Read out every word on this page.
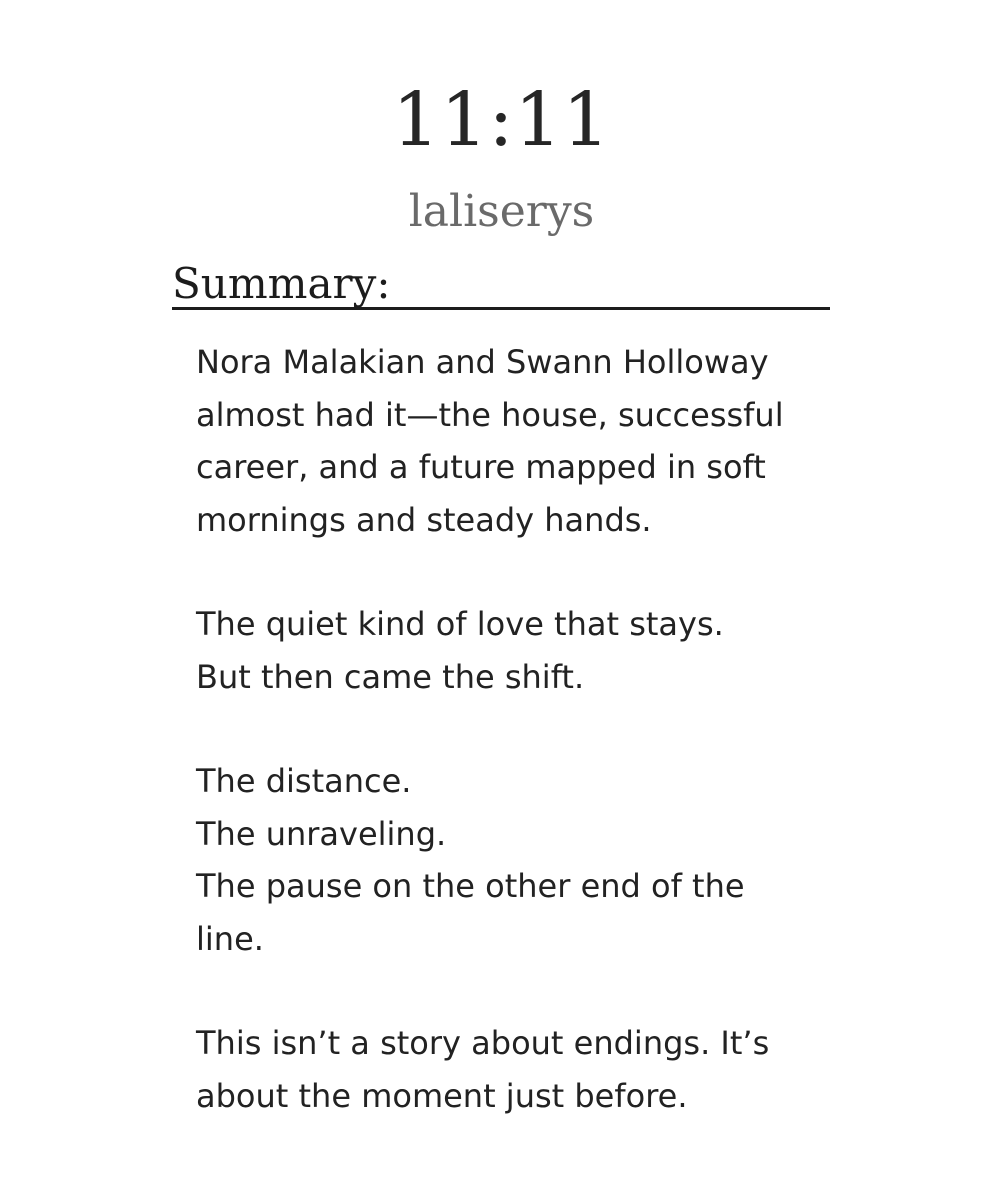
11:11
laliserys
Summary:

Nora Malakian and Swann Holloway
almost had it—the house, successful
career, and a future mapped in soft
mornings and steady hands.

The quiet kind of love that stays.
But then came the shift.

The distance.
The unraveling.
The pause on the other end of the
line.

This isn’t a story about endings. It’s
about the moment just before.
